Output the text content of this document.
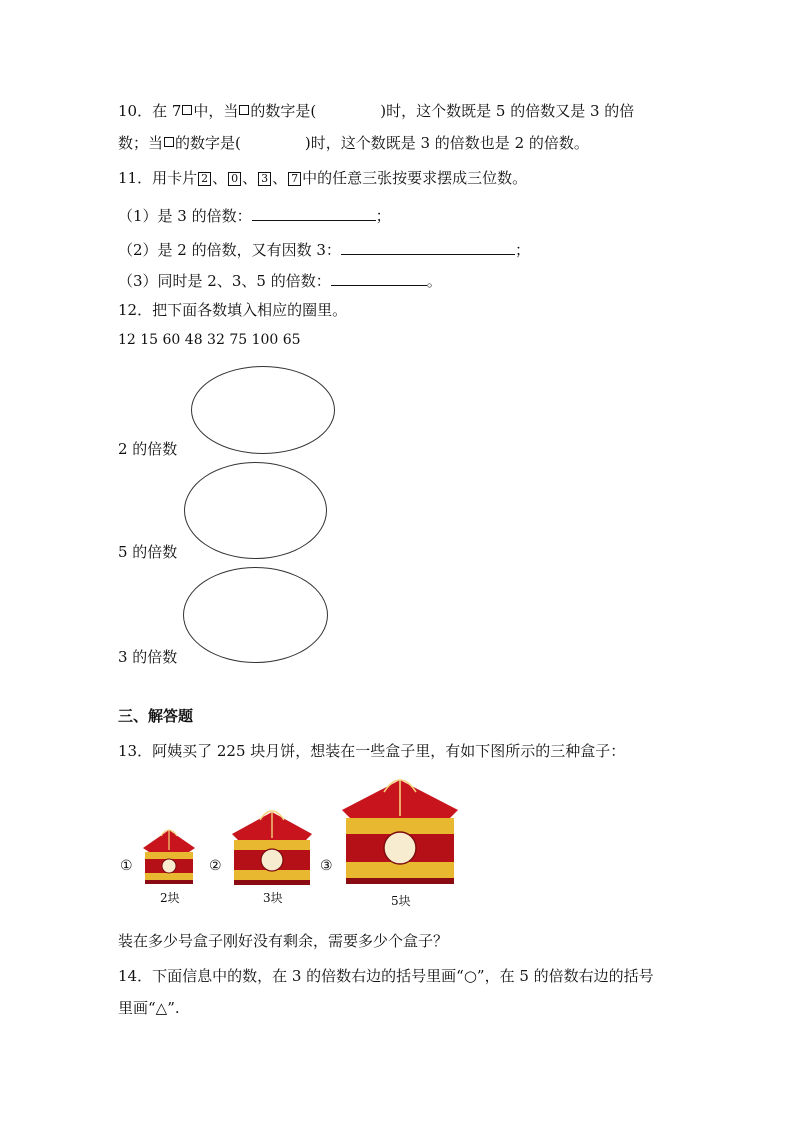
10．在 7 中，当 的数字是(	)时，这个数既是 5 的倍数又是 3 的倍
数；当 的数字是(	)时，这个数既是 3 的倍数也是 2 的倍数。
11．用卡片 2 、 0 、 3 、 7 中的任意三张按要求摆成三位数。
（1）是 3 的倍数：	；
（2）是 2 的倍数，又有因数 3：	；
（3）同时是 2、3、5 的倍数：	。
12．把下面各数填入相应的圈里。
12 15 60 48 32 75 100 65
2 的倍数
5 的倍数
3 的倍数
三、解答题
13．阿姨买了 225 块月饼，想装在一些盒子里，有如下图所示的三种盒子：
①
2块
②
3块
③
5块
装在多少号盒子刚好没有剩余，需要多少个盒子？
14．下面信息中的数，在 3 的倍数右边的括号里画“○”，在 5 的倍数右边的括号
里画“△”.
